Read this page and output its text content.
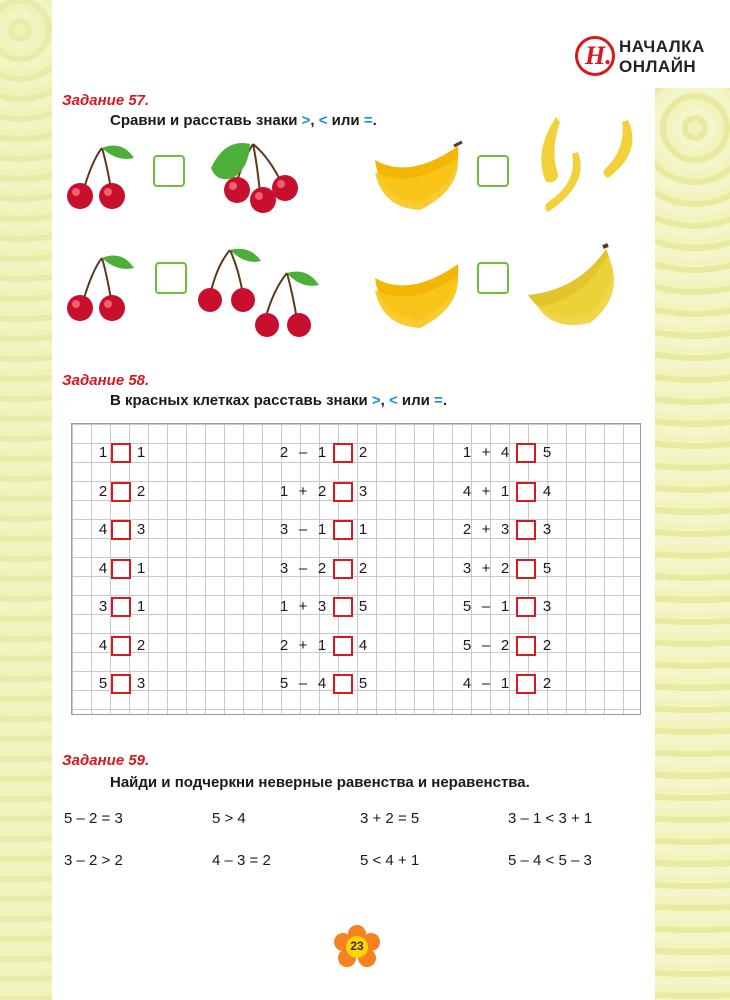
Н. НАЧАЛКА
ОНЛАЙН
Задание 57.
Сравни и расставь знаки >, < или =.
Задание 58.
В красных клетках расставь знаки >, < или =.
1 1
2 2
4 3
4 1
3 1
4 2
5 3
2 – 1 2
1 + 2 3
3 – 1 1
3 – 2 2
1 + 3 5
2 + 1 4
5 – 4 5
1 + 4 5
4 + 1 4
2 + 3 3
3 + 2 5
5 – 1 3
5 – 2 2
4 – 1 2
Задание 59.
Найди и подчеркни неверные равенства и неравенства.
5 – 2 = 3	5 > 4	3 + 2 = 5	3 – 1 < 3 + 1
3 – 2 > 2	4 – 3 = 2	5 < 4 + 1	5 – 4 < 5 – 3
23
